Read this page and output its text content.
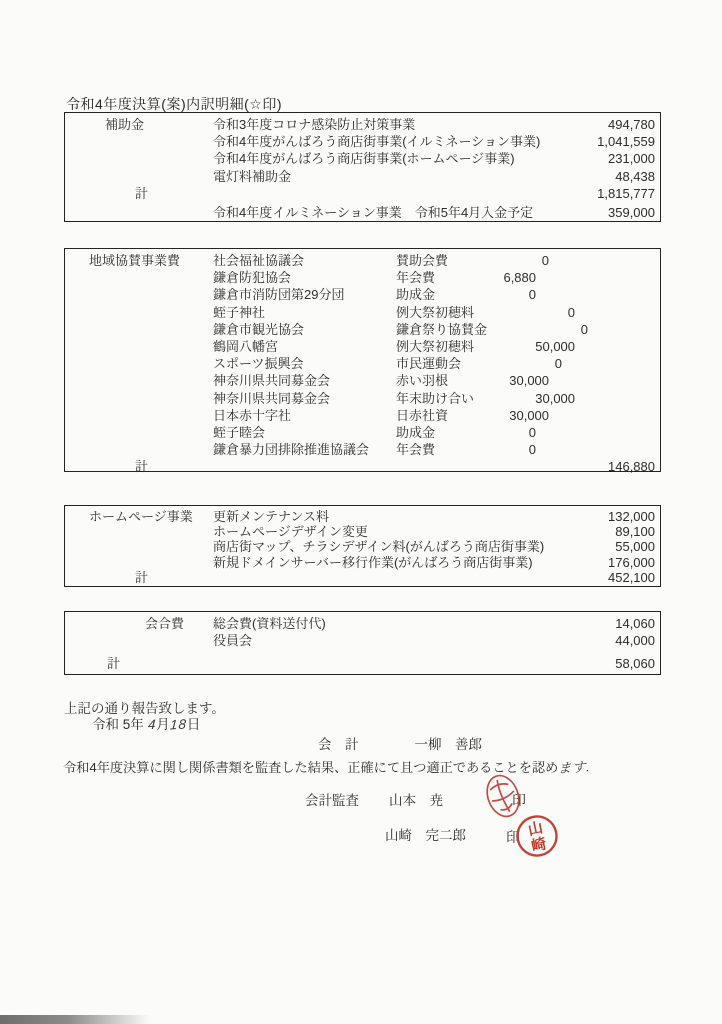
令和4年度決算(案)内訳明細(☆印)
補助金	令和3年度コロナ感染防止対策事業	494,780
令和4年度がんばろう商店街事業(イルミネーション事業)	1,041,559
令和4年度がんばろう商店街事業(ホームページ事業)	231,000
電灯料補助金	48,438
計	1,815,777
令和4年度イルミネーション事業　令和5年4月入金予定	359,000
地域協賛事業費	社会福祉協議会	賛助会費	0
鎌倉防犯協会	年会費	6,880
鎌倉市消防団第29分団	助成金	0
蛭子神社	例大祭初穂料	0
鎌倉市観光協会	鎌倉祭り協賛金	0
鶴岡八幡宮	例大祭初穂料	50,000
スポーツ振興会	市民運動会	0
神奈川県共同募金会	赤い羽根	30,000
神奈川県共同募金会	年末助け合い	30,000
日本赤十字社	日赤社資	30,000
蛭子睦会	助成金	0
鎌倉暴力団排除推進協議会	年会費	0
計	146,880
ホームページ事業	更新メンテナンス料	132,000
ホームページデザイン変更	89,100
商店街マップ、チラシデザイン料(がんばろう商店街事業)	55,000
新規ドメインサーバー移行作業(がんばろう商店街事業)	176,000
計	452,100
会合費	総会費(資料送付代)	14,060
役員会	44,000
計	58,060
上記の通り報告致します。
令和 5年 4月18日
会　計	一柳　善郎
令和4年度決算に関し関係書類を監査した結果、正確にて且つ適正であることを認めます.
会計監査 山本　尭	印
山崎　完二郎	印 山
崎
